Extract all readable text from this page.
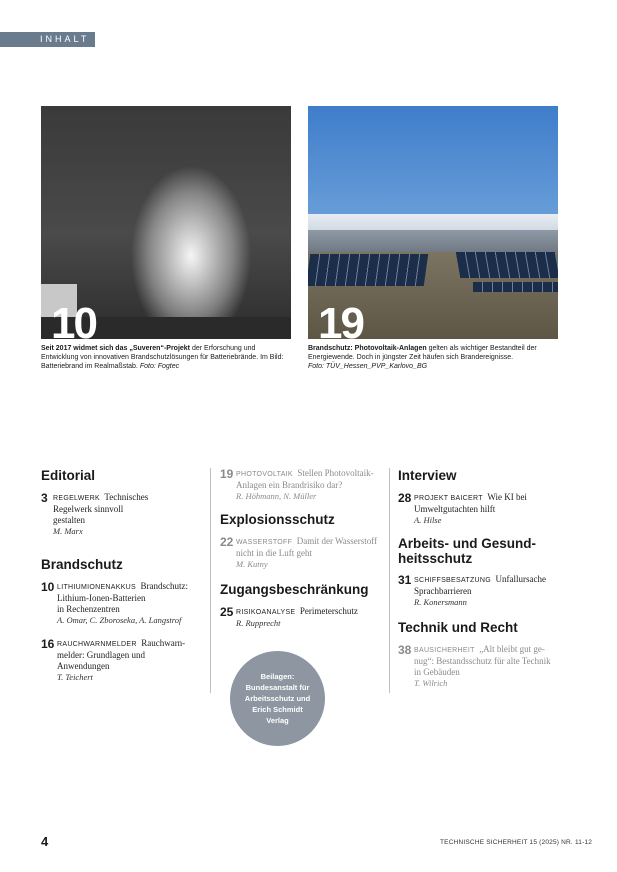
INHALT
10
Seit 2017 widmet sich das „Suveren“-Projekt der Erforschung und Entwicklung von innovativen Brandschutzlösungen für Batteriebrände. Im Bild: Batteriebrand im Realmaßstab. Foto: Fogtec
19
Brandschutz: Photovoltaik-Anlagen gelten als wichtiger Bestandteil der Energiewende. Doch in jüngster Zeit häufen sich Brandereignisse.
Foto: TÜV_Hessen_PVP_Karlovo_BG
Editorial
3 REGELWERK Technisches
Regelwerk sinnvoll
gestalten
M. Marx
Brandschutz
10 LITHIUMIONENAKKUS Brandschutz:
Lithium-Ionen-Batterien
in Rechenzentren
A. Omar, C. Zboroseka, A. Langstrof
16 RAUCHWARNMELDER Rauchwarn-
melder: Grundlagen und
Anwendungen
T. Teichert
19 PHOTOVOLTAIK Stellen Photovoltaik-
Anlagen ein Brandrisiko dar?
R. Höhmann, N. Müller
Explosionsschutz
22 WASSERSTOFF Damit der Wasserstoff
nicht in die Luft geht
M. Kutny
Zugangsbeschränkung
25 RISIKOANALYSE Perimeterschutz
R. Rupprecht
Beilagen: Bundesanstalt für Arbeitsschutz und Erich Schmidt Verlag
Interview
28 PROJEKT BAICERT Wie KI bei
Umweltgutachten hilft
A. Hilse
Arbeits- und Gesund-
heitsschutz
31 SCHIFFSBESATZUNG Unfallursache
Sprachbarrieren
R. Konersmann
Technik und Recht
38 BAUSICHERHEIT „Alt bleibt gut ge-
nug“: Bestandsschutz für alte Technik
in Gebäuden
T. Wilrich
4	TECHNISCHE SICHERHEIT 15 (2025) NR. 11-12
